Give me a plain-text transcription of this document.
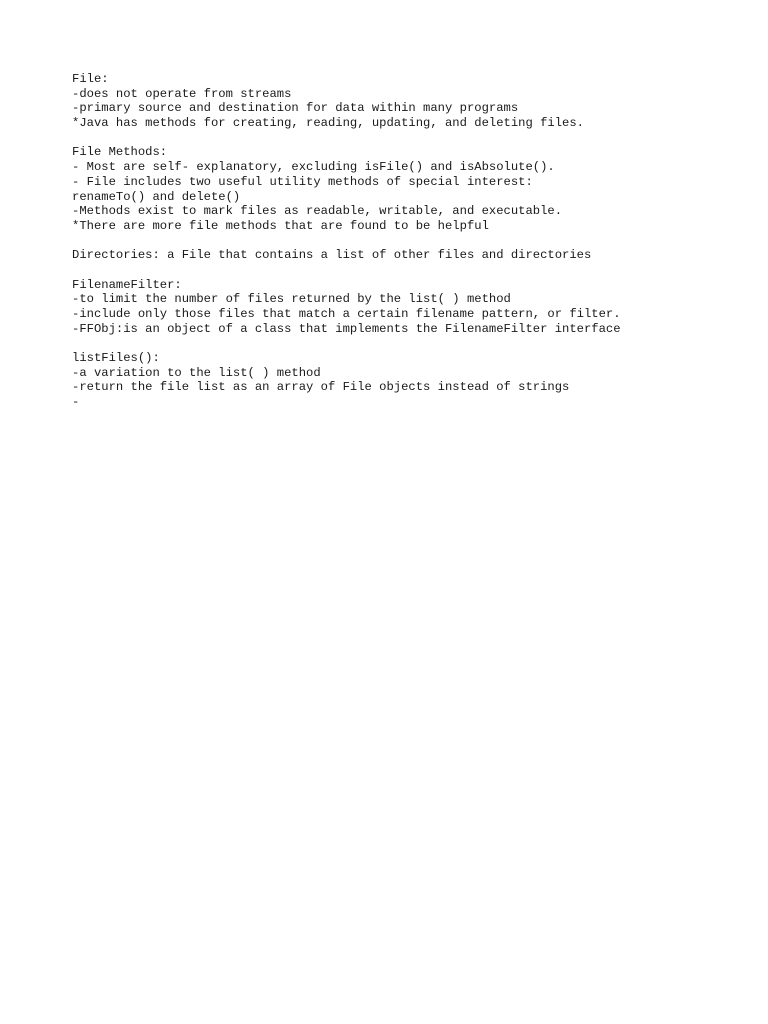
File:
-does not operate from streams
-primary source and destination for data within many programs
*Java has methods for creating, reading, updating, and deleting files.
File Methods:
- Most are self- explanatory, excluding isFile() and isAbsolute().
- File includes two useful utility methods of special interest:
renameTo() and delete()
-Methods exist to mark files as readable, writable, and executable.
*There are more file methods that are found to be helpful
Directories: a File that contains a list of other files and directories
FilenameFilter:
-to limit the number of files returned by the list( ) method
-include only those files that match a certain filename pattern, or filter.
-FFObj:is an object of a class that implements the FilenameFilter interface
listFiles():
-a variation to the list( ) method
-return the file list as an array of File objects instead of strings
-
